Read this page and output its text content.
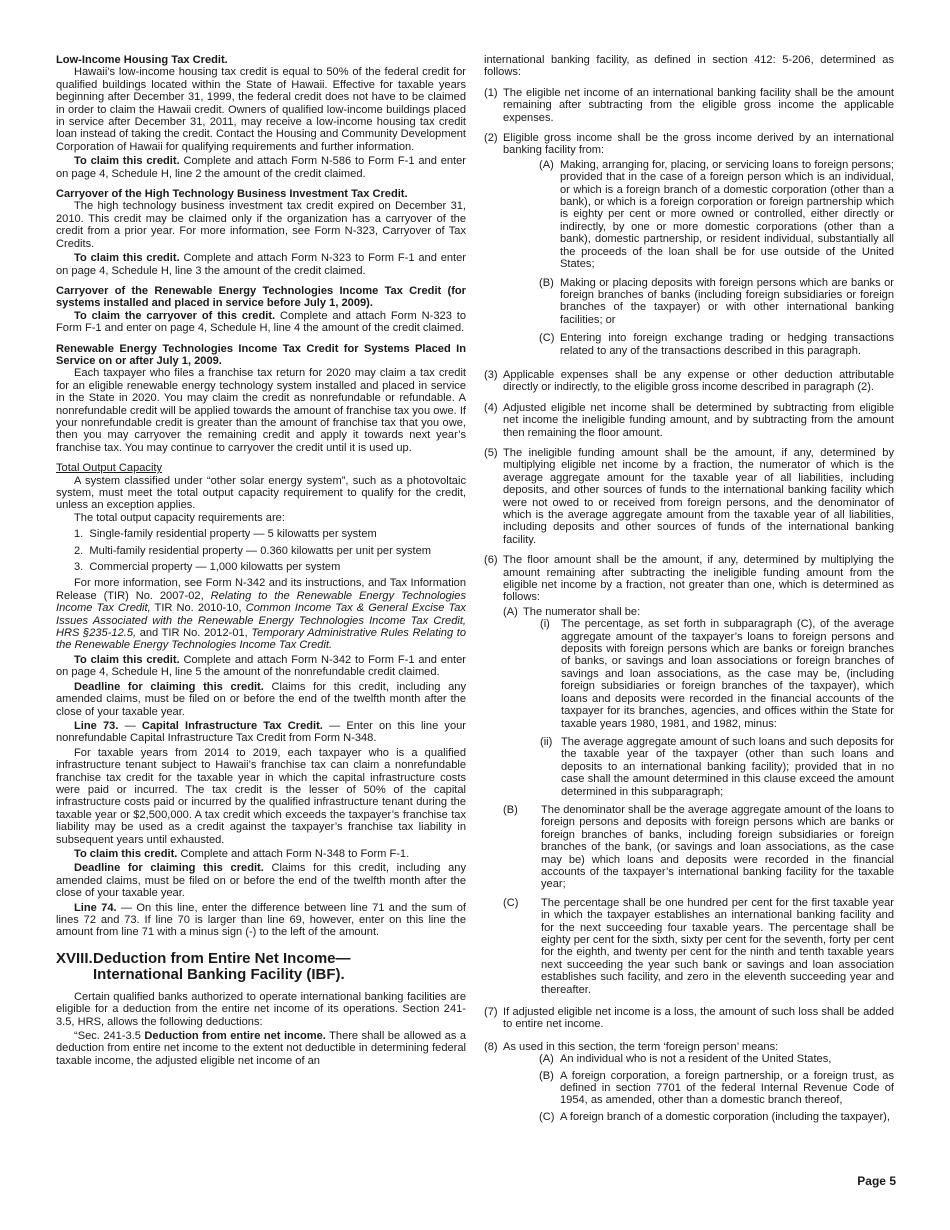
Low-Income Housing Tax Credit.

Hawaii’s low-income housing tax credit is equal to 50% of the federal credit for qualified buildings located within the State of Hawaii. Effective for taxable years beginning after December 31, 1999, the federal credit does not have to be claimed in order to claim the Hawaii credit. Owners of qualified low-income buildings placed in service after December 31, 2011, may receive a low-income housing tax credit loan instead of taking the credit. Contact the Housing and Community Development Corporation of Hawaii for qualifying requirements and further information.

To claim this credit. Complete and attach Form N-586 to Form F-1 and enter on page 4, Schedule H, line 2 the amount of the credit claimed.

Carryover of the High Technology Business Investment Tax Credit.

The high technology business investment tax credit expired on December 31, 2010. This credit may be claimed only if the organization has a carryover of the credit from a prior year. For more information, see Form N-323, Carryover of Tax Credits.

To claim this credit. Complete and attach Form N-323 to Form F-1 and enter on page 4, Schedule H, line 3 the amount of the credit claimed.

Carryover of the Renewable Energy Technologies Income Tax Credit (for systems installed and placed in service before July 1, 2009).

To claim the carryover of this credit. Complete and attach Form N-323 to Form F-1 and enter on page 4, Schedule H, line 4 the amount of the credit claimed.

Renewable Energy Technologies Income Tax Credit for Systems Placed In Service on or after July 1, 2009.

Each taxpayer who files a franchise tax return for 2020 may claim a tax credit for an eligible renewable energy technology system installed and placed in service in the State in 2020. You may claim the credit as nonrefundable or refundable. A nonrefundable credit will be applied towards the amount of franchise tax you owe. If your nonrefundable credit is greater than the amount of franchise tax that you owe, then you may carryover the remaining credit and apply it towards next year’s franchise tax. You may continue to carryover the credit until it is used up.

Total Output Capacity

A system classified under “other solar energy system”, such as a photovoltaic system, must meet the total output capacity requirement to qualify for the credit, unless an exception applies.

The total output capacity requirements are:

1.  Single-family residential property — 5 kilowatts per system
2.  Multi-family residential property — 0.360 kilowatts per unit per system
3.  Commercial property — 1,000 kilowatts per system

For more information, see Form N-342 and its instructions, and Tax Information Release (TIR) No. 2007-02, Relating to the Renewable Energy Technologies Income Tax Credit, TIR No. 2010-10, Common Income Tax & General Excise Tax Issues Associated with the Renewable Energy Technologies Income Tax Credit, HRS §235-12.5, and TIR No. 2012-01, Temporary Administrative Rules Relating to the Renewable Energy Technologies Income Tax Credit.

To claim this credit. Complete and attach Form N-342 to Form F-1 and enter on page 4, Schedule H, line 5 the amount of the nonrefundable credit claimed.

Deadline for claiming this credit. Claims for this credit, including any amended claims, must be filed on or before the end of the twelfth month after the close of your taxable year.

Line 73. — Capital Infrastructure Tax Credit. — Enter on this line your nonrefundable Capital Infrastructure Tax Credit from Form N-348.

For taxable years from 2014 to 2019, each taxpayer who is a qualified infrastructure tenant subject to Hawaii’s franchise tax can claim a nonrefundable franchise tax credit for the taxable year in which the capital infrastructure costs were paid or incurred. The tax credit is the lesser of 50% of the capital infrastructure costs paid or incurred by the qualified infrastructure tenant during the taxable year or $2,500,000. A tax credit which exceeds the taxpayer’s franchise tax liability may be used as a credit against the taxpayer’s franchise tax liability in subsequent years until exhausted.

To claim this credit. Complete and attach Form N-348 to Form F-1.

Deadline for claiming this credit. Claims for this credit, including any amended claims, must be filed on or before the end of the twelfth month after the close of your taxable year.

Line 74. — On this line, enter the difference between line 71 and the sum of lines 72 and 73. If line 70 is larger than line 69, however, enter on this line the amount from line 71 with a minus sign (-) to the left of the amount.

XVIII.Deduction from Entire Net Income—
International Banking Facility (IBF).

Certain qualified banks authorized to operate international banking facilities are eligible for a deduction from the entire net income of its operations. Section 241-3.5, HRS, allows the following deductions:

“Sec. 241-3.5 Deduction from entire net income. There shall be allowed as a deduction from entire net income to the extent not deductible in determining federal taxable income, the adjusted eligible net income of an

international banking facility, as defined in section 412: 5-206, determined as follows:

(1) The eligible net income of an international banking facility shall be the amount remaining after subtracting from the eligible gross income the applicable expenses.
(2) Eligible gross income shall be the gross income derived by an international banking facility from:
(A) Making, arranging for, placing, or servicing loans to foreign persons; provided that in the case of a foreign person which is an individual, or which is a foreign branch of a domestic corporation (other than a bank), or which is a foreign corporation or foreign partnership which is eighty per cent or more owned or controlled, either directly or indirectly, by one or more domestic corporations (other than a bank), domestic partnership, or resident individual, substantially all the proceeds of the loan shall be for use outside of the United States;
(B) Making or placing deposits with foreign persons which are banks or foreign branches of banks (including foreign subsidiaries or foreign branches of the taxpayer) or with other international banking facilities; or
(C) Entering into foreign exchange trading or hedging transactions related to any of the transactions described in this paragraph.
(3) Applicable expenses shall be any expense or other deduction attributable directly or indirectly, to the eligible gross income described in paragraph (2).
(4) Adjusted eligible net income shall be determined by subtracting from eligible net income the ineligible funding amount, and by subtracting from the amount then remaining the floor amount.
(5) The ineligible funding amount shall be the amount, if any, determined by multiplying eligible net income by a fraction, the numerator of which is the average aggregate amount for the taxable year of all liabilities, including deposits, and other sources of funds to the international banking facility which were not owed to or received from foreign persons, and the denominator of which is the average aggregate amount from the taxable year of all liabilities, including deposits and other sources of funds of the international banking facility.
(6) The floor amount shall be the amount, if any, determined by multiplying the amount remaining after subtracting the ineligible funding amount from the eligible net income by a fraction, not greater than one, which is determined as follows:
(A) The numerator shall be:
(i) The percentage, as set forth in subparagraph (C), of the average aggregate amount of the taxpayer’s loans to foreign persons and deposits with foreign persons which are banks or foreign branches of banks, or savings and loan associations or foreign branches of savings and loan associations, as the case may be, (including foreign subsidiaries or foreign branches of the taxpayer), which loans and deposits were recorded in the financial accounts of the taxpayer for its branches, agencies, and offices within the State for taxable years 1980, 1981, and 1982, minus:
(ii) The average aggregate amount of such loans and such deposits for the taxable year of the taxpayer (other than such loans and deposits to an international banking facility); provided that in no case shall the amount determined in this clause exceed the amount determined in this subparagraph;
(B) The denominator shall be the average aggregate amount of the loans to foreign persons and deposits with foreign persons which are banks or foreign branches of banks, including foreign subsidiaries or foreign branches of the bank, (or savings and loan associations, as the case may be) which loans and deposits were recorded in the financial accounts of the taxpayer’s international banking facility for the taxable year;
(C) The percentage shall be one hundred per cent for the first taxable year in which the taxpayer establishes an international banking facility and for the next succeeding four taxable years. The percentage shall be eighty per cent for the sixth, sixty per cent for the seventh, forty per cent for the eighth, and twenty per cent for the ninth and tenth taxable years next succeeding the year such bank or savings and loan association establishes such facility, and zero in the eleventh succeeding year and thereafter.
(7) If adjusted eligible net income is a loss, the amount of such loss shall be added to entire net income.
(8) As used in this section, the term ‘foreign person’ means:
(A) An individual who is not a resident of the United States,
(B) A foreign corporation, a foreign partnership, or a foreign trust, as defined in section 7701 of the federal Internal Revenue Code of 1954, as amended, other than a domestic branch thereof,
(C) A foreign branch of a domestic corporation (including the taxpayer),
Page 5
